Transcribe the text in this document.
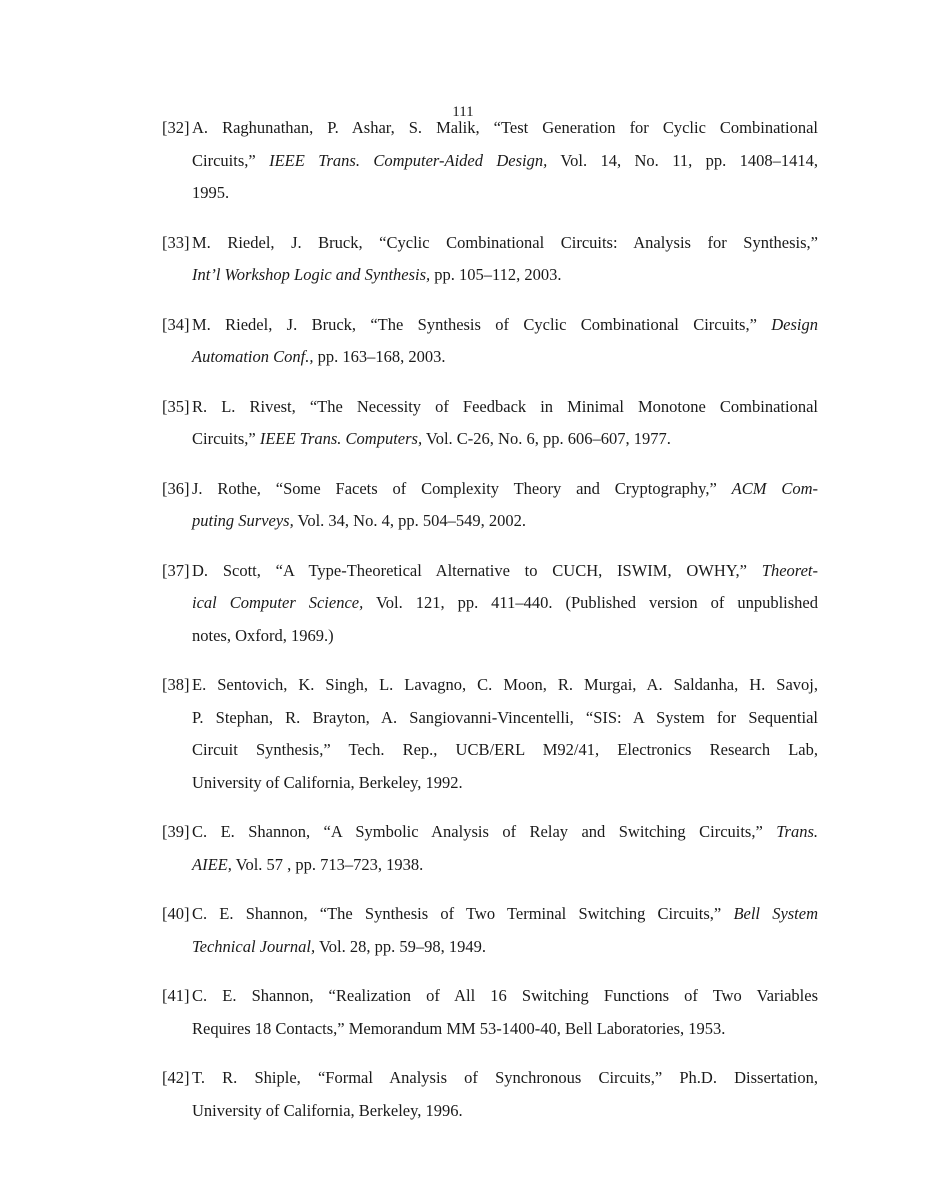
111
[32] A. Raghunathan, P. Ashar, S. Malik, “Test Generation for Cyclic Combinational
Circuits,” IEEE Trans. Computer-Aided Design, Vol. 14, No. 11, pp. 1408–1414,
1995.
[33] M. Riedel, J. Bruck, “Cyclic Combinational Circuits: Analysis for Synthesis,”
Int’l Workshop Logic and Synthesis, pp. 105–112, 2003.
[34] M. Riedel, J. Bruck, “The Synthesis of Cyclic Combinational Circuits,” Design
Automation Conf., pp. 163–168, 2003.
[35] R. L. Rivest, “The Necessity of Feedback in Minimal Monotone Combinational
Circuits,” IEEE Trans. Computers, Vol. C-26, No. 6, pp. 606–607, 1977.
[36] J. Rothe, “Some Facets of Complexity Theory and Cryptography,” ACM Com-
puting Surveys, Vol. 34, No. 4, pp. 504–549, 2002.
[37] D. Scott, “A Type-Theoretical Alternative to CUCH, ISWIM, OWHY,” Theoret-
ical Computer Science, Vol. 121, pp. 411–440. (Published version of unpublished
notes, Oxford, 1969.)
[38] E. Sentovich, K. Singh, L. Lavagno, C. Moon, R. Murgai, A. Saldanha, H. Savoj,
P. Stephan, R. Brayton, A. Sangiovanni-Vincentelli, “SIS: A System for Sequential
Circuit Synthesis,” Tech. Rep., UCB/ERL M92/41, Electronics Research Lab,
University of California, Berkeley, 1992.
[39] C. E. Shannon, “A Symbolic Analysis of Relay and Switching Circuits,” Trans.
AIEE, Vol. 57 , pp. 713–723, 1938.
[40] C. E. Shannon, “The Synthesis of Two Terminal Switching Circuits,” Bell System
Technical Journal, Vol. 28, pp. 59–98, 1949.
[41] C. E. Shannon, “Realization of All 16 Switching Functions of Two Variables
Requires 18 Contacts,” Memorandum MM 53-1400-40, Bell Laboratories, 1953.
[42] T. R. Shiple, “Formal Analysis of Synchronous Circuits,” Ph.D. Dissertation,
University of California, Berkeley, 1996.
